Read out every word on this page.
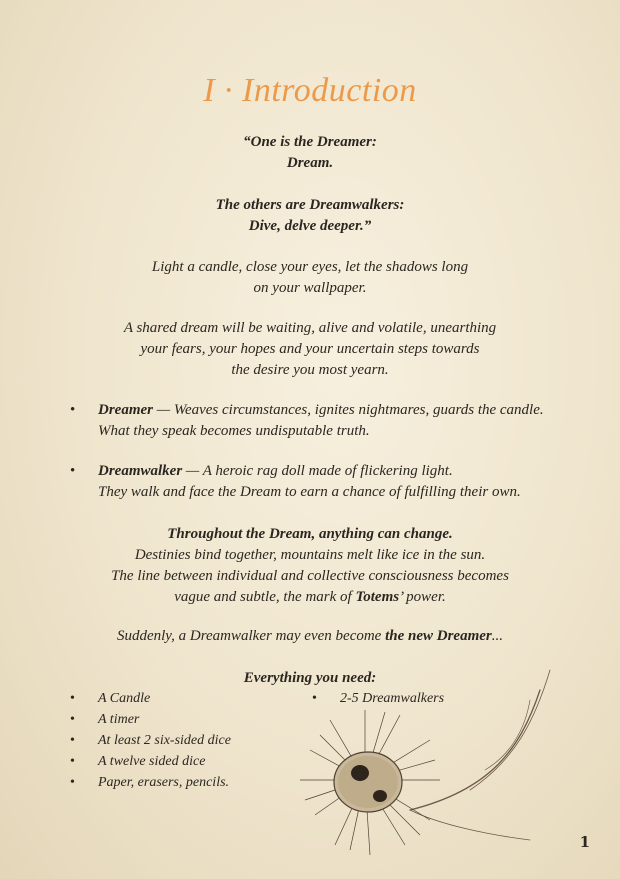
I · Introduction
“One is the Dreamer:
Dream.
The others are Dreamwalkers:
Dive, delve deeper.”
Light a candle, close your eyes, let the shadows long
on your wallpaper.
A shared dream will be waiting, alive and volatile, unearthing
your fears, your hopes and your uncertain steps towards
the desire you most yearn.
• Dreamer — Weaves circumstances, ignites nightmares, guards the candle.
What they speak becomes undisputable truth.
• Dreamwalker — A heroic rag doll made of flickering light.
They walk and face the Dream to earn a chance of fulfilling their own.
Throughout the Dream, anything can change.
Destinies bind together, mountains melt like ice in the sun.
The line between individual and collective consciousness becomes
vague and subtle, the mark of Totems’ power.
Suddenly, a Dreamwalker may even become the new Dreamer...
Everything you need:
• A Candle
• A timer
• At least 2 six-sided dice
• A twelve sided dice
• Paper, erasers, pencils.
• 2-5 Dreamwalkers
1
